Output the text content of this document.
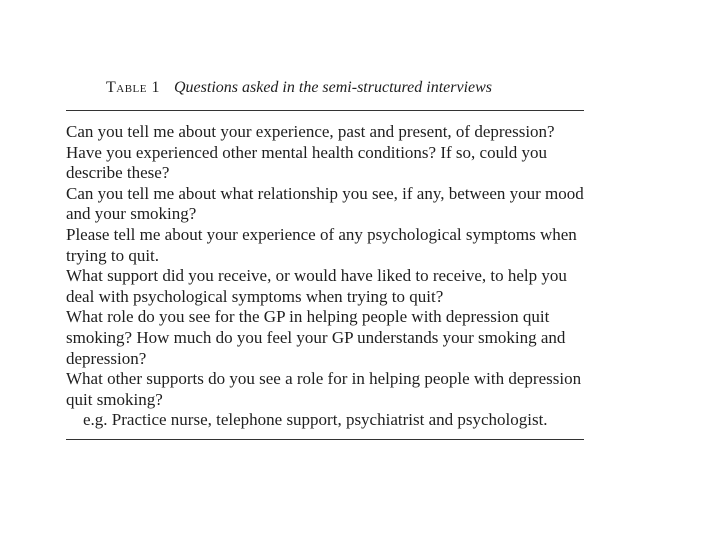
Table 1 Questions asked in the semi-structured interviews

Can you tell me about your experience, past and present, of depression?

Have you experienced other mental health conditions? If so, could you describe these?

Can you tell me about what relationship you see, if any, between your mood and your smoking?

Please tell me about your experience of any psychological symptoms when trying to quit.

What support did you receive, or would have liked to receive, to help you deal with psychological symptoms when trying to quit?

What role do you see for the GP in helping people with depression quit smoking? How much do you feel your GP understands your smoking and depression?

What other supports do you see a role for in helping people with depression quit smoking?

e.g. Practice nurse, telephone support, psychiatrist and psychologist.
